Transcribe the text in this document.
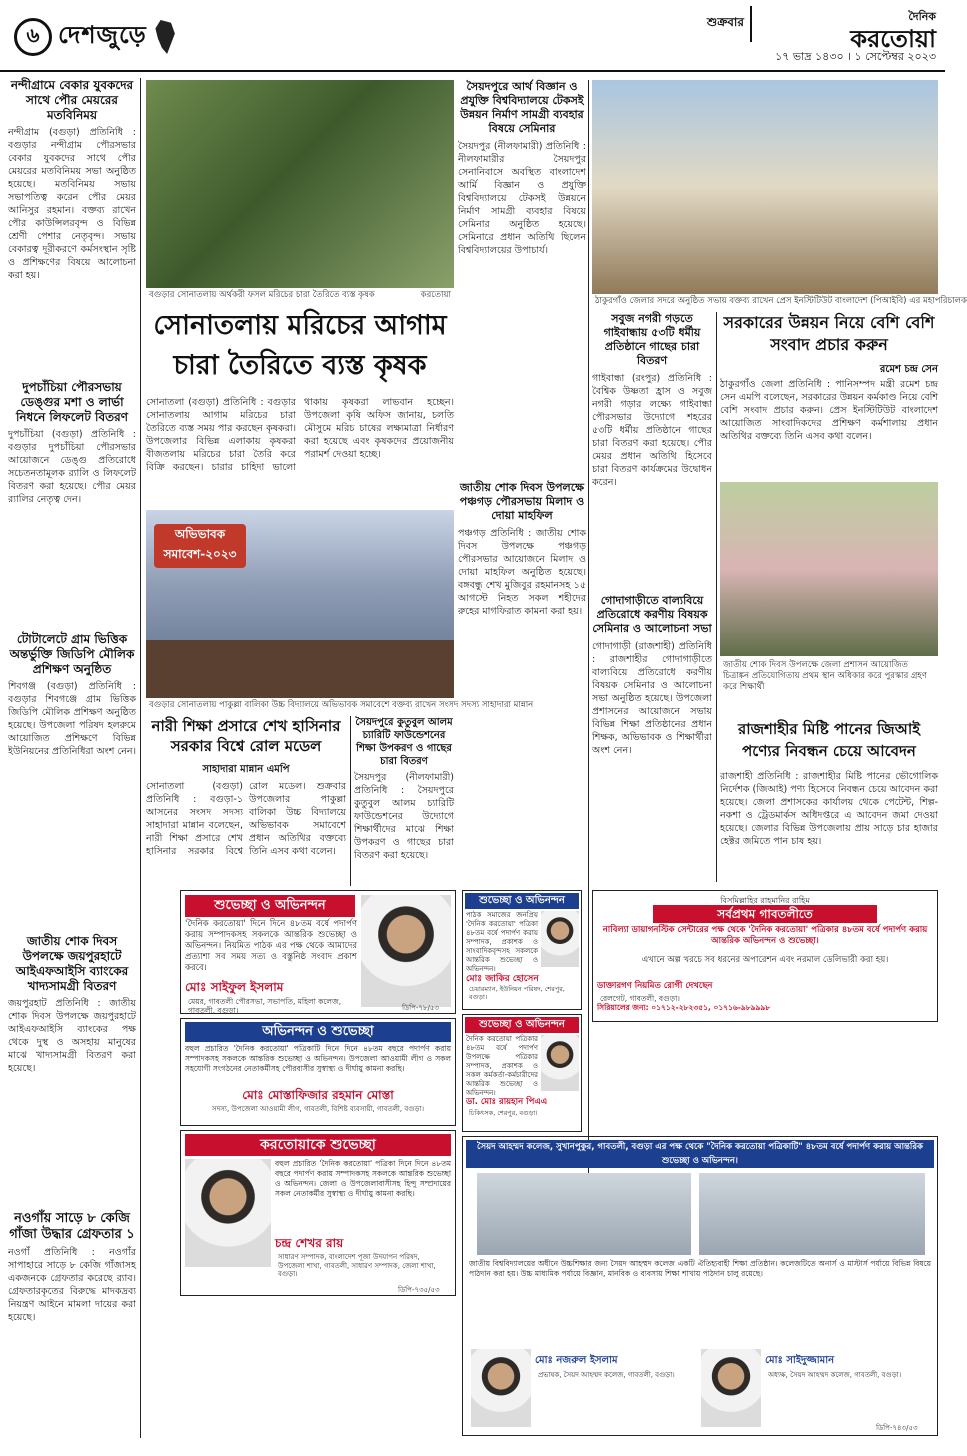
৬ দেশজুড়ে	শুক্রবার	দৈনিক
করতোয়া
১৭ ভাদ্র ১৪৩০ । ১ সেপ্টেম্বর ২০২৩
নন্দীগ্রামে বেকার যুবকদের সাথে পৌর মেয়রের মতবিনিময়
নন্দীগ্রাম (বগুড়া) প্রতিনিধি : বগুড়ার নন্দীগ্রাম পৌরসভার বেকার যুবকদের সাথে পৌর মেয়রের মতবিনিময় সভা অনুষ্ঠিত হয়েছে। মতবিনিময় সভায় সভাপতিত্ব করেন পৌর মেয়র আনিসুর রহমান। বক্তব্য রাখেন পৌর কাউন্সিলরবৃন্দ ও বিভিন্ন শ্রেণী পেশার নেতৃবৃন্দ। সভায় বেকারত্ব দূরীকরণে কর্মসংস্থান সৃষ্টি ও প্রশিক্ষণের বিষয়ে আলোচনা করা হয়।
দুপচাঁচিয়া পৌরসভায় ডেঙ্গুর মশা ও লার্ভা নিধনে লিফলেট বিতরণ
দুপচাঁচিয়া (বগুড়া) প্রতিনিধি : বগুড়ার দুপচাঁচিয়া পৌরসভার আয়োজনে ডেঙ্গু প্রতিরোধে সচেতনতামূলক র‌্যালি ও লিফলেট বিতরণ করা হয়েছে। পৌর মেয়র র‌্যালির নেতৃত্ব দেন।
টোটালেটে গ্রাম ভিত্তিক অন্তর্ভুক্তি জিডিপি মৌলিক প্রশিক্ষণ অনুষ্ঠিত
শিবগঞ্জ (বগুড়া) প্রতিনিধি : বগুড়ার শিবগঞ্জে গ্রাম ভিত্তিক জিডিপি মৌলিক প্রশিক্ষণ অনুষ্ঠিত হয়েছে। উপজেলা পরিষদ হলরুমে আয়োজিত প্রশিক্ষণে বিভিন্ন ইউনিয়নের প্রতিনিধিরা অংশ নেন।
জাতীয় শোক দিবস উপলক্ষে জয়পুরহাটে আইএফআইসি ব্যাংকের খাদ্যসামগ্রী বিতরণ
জয়পুরহাট প্রতিনিধি : জাতীয় শোক দিবস উপলক্ষে জয়পুরহাটে আইএফআইসি ব্যাংকের পক্ষ থেকে দুস্থ ও অসহায় মানুষের মাঝে খাদ্যসামগ্রী বিতরণ করা হয়েছে।
নওগাঁয় সাড়ে ৮ কেজি গাঁজা উদ্ধার গ্রেফতার ১
নওগাঁ প্রতিনিধি : নওগাঁর সাপাহারে সাড়ে ৮ কেজি গাঁজাসহ একজনকে গ্রেফতার করেছে র‌্যাব। গ্রেফতারকৃতের বিরুদ্ধে মাদকদ্রব্য নিয়ন্ত্রণ আইনে মামলা দায়ের করা হয়েছে।
বগুড়ার সোনাতলায় অর্থকরী ফসল মরিচের চারা তৈরিতে ব্যস্ত কৃষক	করতোয়া
সৈয়দপুরে আর্থ বিজ্ঞান ও প্রযুক্তি বিশ্ববিদ্যালয়ে টেকসই উন্নয়ন নির্মাণ সামগ্রী ব্যবহার বিষয়ে সেমিনার
সৈয়দপুর (নীলফামারী) প্রতিনিধি : নীলফামারীর সৈয়দপুর সেনানিবাসে অবস্থিত বাংলাদেশ আর্মি বিজ্ঞান ও প্রযুক্তি বিশ্ববিদ্যালয়ে টেকসই উন্নয়নে নির্মাণ সামগ্রী ব্যবহার বিষয়ে সেমিনার অনুষ্ঠিত হয়েছে। সেমিনারে প্রধান অতিথি ছিলেন বিশ্ববিদ্যালয়ের উপাচার্য।
জাতীয় শোক দিবস উপলক্ষে পঞ্চগড় পৌরসভায় মিলাদ ও দোয়া মাহফিল
পঞ্চগড় প্রতিনিধি : জাতীয় শোক দিবস উপলক্ষে পঞ্চগড় পৌরসভার আয়োজনে মিলাদ ও দোয়া মাহফিল অনুষ্ঠিত হয়েছে। বঙ্গবন্ধু শেখ মুজিবুর রহমানসহ ১৫ আগস্টে নিহত সকল শহীদের রুহের মাগফিরাত কামনা করা হয়।
সোনাতলায় মরিচের আগাম চারা তৈরিতে ব্যস্ত কৃষক
সোনাতলা (বগুড়া) প্রতিনিধি : বগুড়ার সোনাতলায় আগাম মরিচের চারা তৈরিতে ব্যস্ত সময় পার করছেন কৃষকরা। উপজেলার বিভিন্ন এলাকায় কৃষকরা বীজতলায় মরিচের চারা তৈরি করে বিক্রি করছেন। চারার চাহিদা ভালো থাকায় কৃষকরা লাভবান হচ্ছেন। উপজেলা কৃষি অফিস জানায়, চলতি মৌসুমে মরিচ চাষের লক্ষ্যমাত্রা নির্ধারণ করা হয়েছে এবং কৃষকদের প্রয়োজনীয় পরামর্শ দেওয়া হচ্ছে।
অভিভাবক সমাবেশ-২০২৩
বগুড়ার সোনাতলায় পাকুল্লা বালিকা উচ্চ বিদ্যালয়ে অভিভাবক সমাবেশে বক্তব্য রাখেন সংসদ সদস্য সাহাদারা মান্নান
নারী শিক্ষা প্রসারে শেখ হাসিনার সরকার বিশ্বে রোল মডেল
সাহাদারা মান্নান এমপি
সোনাতলা (বগুড়া) প্রতিনিধি : বগুড়া-১ আসনের সংসদ সদস্য সাহাদারা মান্নান বলেছেন, নারী শিক্ষা প্রসারে শেখ হাসিনার সরকার বিশ্বে রোল মডেল। শুক্রবার উপজেলার পাকুল্লা বালিকা উচ্চ বিদ্যালয়ে অভিভাবক সমাবেশে প্রধান অতিথির বক্তব্যে তিনি এসব কথা বলেন।
সৈয়দপুরে কুতুবুল আলম চ্যারিটি ফাউন্ডেশনের শিক্ষা উপকরণ ও গাছের চারা বিতরণ
সৈয়দপুর (নীলফামারী) প্রতিনিধি : সৈয়দপুরে কুতুবুল আলম চ্যারিটি ফাউন্ডেশনের উদ্যোগে শিক্ষার্থীদের মাঝে শিক্ষা উপকরণ ও গাছের চারা বিতরণ করা হয়েছে।
ঠাকুরগাঁও জেলার সদরে অনুষ্ঠিত সভায় বক্তব্য রাখেন প্রেস ইনস্টিটিউট বাংলাদেশ (পিআইবি) এর মহাপরিচালক
সবুজ নগরী গড়তে গাইবান্ধায় ৫৩টি ধর্মীয় প্রতিষ্ঠানে গাছের চারা বিতরণ
গাইবান্ধা (রংপুর) প্রতিনিধি : বৈশ্বিক উষ্ণতা হ্রাস ও সবুজ নগরী গড়ার লক্ষ্যে গাইবান্ধা পৌরসভার উদ্যোগে শহরের ৫৩টি ধর্মীয় প্রতিষ্ঠানে গাছের চারা বিতরণ করা হয়েছে। পৌর মেয়র প্রধান অতিথি হিসেবে চারা বিতরণ কার্যক্রমের উদ্বোধন করেন।
গোদাগাড়ীতে বাল্যবিয়ে প্রতিরোধে করণীয় বিষয়ক সেমিনার ও আলোচনা সভা
গোদাগাড়ী (রাজশাহী) প্রতিনিধি : রাজশাহীর গোদাগাড়ীতে বাল্যবিয়ে প্রতিরোধে করণীয় বিষয়ক সেমিনার ও আলোচনা সভা অনুষ্ঠিত হয়েছে। উপজেলা প্রশাসনের আয়োজনে সভায় বিভিন্ন শিক্ষা প্রতিষ্ঠানের প্রধান শিক্ষক, অভিভাবক ও শিক্ষার্থীরা অংশ নেন।
সরকারের উন্নয়ন নিয়ে বেশি বেশি সংবাদ প্রচার করুন
রমেশ চন্দ্র সেন
ঠাকুরগাঁও জেলা প্রতিনিধি : পানিসম্পদ মন্ত্রী রমেশ চন্দ্র সেন এমপি বলেছেন, সরকারের উন্নয়ন কর্মকাণ্ড নিয়ে বেশি বেশি সংবাদ প্রচার করুন। প্রেস ইনস্টিটিউট বাংলাদেশ আয়োজিত সাংবাদিকদের প্রশিক্ষণ কর্মশালায় প্রধান অতিথির বক্তব্যে তিনি এসব কথা বলেন।
জাতীয় শোক দিবস উপলক্ষে জেলা প্রশাসন আয়োজিত চিত্রাঙ্কন প্রতিযোগিতায় প্রথম স্থান অধিকার করে পুরস্কার গ্রহণ করে শিক্ষার্থী
রাজশাহীর মিষ্টি পানের জিআই পণ্যের নিবন্ধন চেয়ে আবেদন
রাজশাহী প্রতিনিধি : রাজশাহীর মিষ্টি পানের ভৌগোলিক নির্দেশক (জিআই) পণ্য হিসেবে নিবন্ধন চেয়ে আবেদন করা হয়েছে। জেলা প্রশাসকের কার্যালয় থেকে পেটেন্ট, শিল্প-নকশা ও ট্রেডমার্কস অধিদপ্তরে এ আবেদন জমা দেওয়া হয়েছে। জেলার বিভিন্ন উপজেলায় প্রায় সাড়ে চার হাজার হেক্টর জমিতে পান চাষ হয়।
শুভেচ্ছা ও অভিনন্দন
'দৈনিক করতোয়া' দিনে দিনে ৪৮তম বর্ষে পদার্পণ করায় সম্পাদকসহ সকলকে আন্তরিক শুভেচ্ছা ও অভিনন্দন। নিয়মিত পাঠক এর পক্ষ থেকে আমাদের প্রত্যাশা সব সময় সত্য ও বস্তুনিষ্ঠ সংবাদ প্রকাশ করবে।
মোঃ সাইফুল ইসলাম
মেয়র, গাবতলী পৌরসভা, সভাপতি, মহিলা কলেজ, গাবতলী, বগুড়া।	ডিপি-৭৮/৫৩
শুভেচ্ছা ও অভিনন্দন
পাঠক সমাজের জনপ্রিয় 'দৈনিক করতোয়া' পত্রিকা ৪৮তম বর্ষে পদার্পণ করায় সম্পাদক, প্রকাশক ও সাংবাদিকবৃন্দসহ সকলকে আন্তরিক শুভেচ্ছা ও অভিনন্দন।
মোঃ জাকির হোসেন
চেয়ারম্যান, ইউনিয়ন পরিষদ, শেরপুর, বগুড়া।
শুভেচ্ছা ও অভিনন্দন
দৈনিক করতোয়া পত্রিকার ৪৮তম বর্ষে পদার্পণ উপলক্ষে পত্রিকার সম্পাদক, প্রকাশক ও সকল কর্মকর্তা-কর্মচারীদের আন্তরিক শুভেচ্ছা ও অভিনন্দন।
ডা. মোঃ রায়হান পিএএ
চিকিৎসক, শেরপুর, বগুড়া।
অভিনন্দন ও শুভেচ্ছা
বহুল প্রচারিত 'দৈনিক করতোয়া' পত্রিকাটি দিনে দিনে ৪৮তম বছরে পদার্পণ করায় সম্পাদকসহ সকলকে আন্তরিক শুভেচ্ছা ও অভিনন্দন। উপজেলা আওয়ামী লীগ ও সকল সহযোগী সংগঠনের নেতাকর্মীসহ পৌরবাসীর সুস্বাস্থ্য ও দীর্ঘায়ু কামনা করছি।
মোঃ মোস্তাফিজার রহমান মোস্তা
সদস্য, উপজেলা আওয়ামী লীগ, গাবতলী, বিশিষ্ট ব্যবসায়ী, গাবতলী, বগুড়া।
করতোয়াকে শুভেচ্ছা
বহুল প্রচারিত 'দৈনিক করতোয়া' পত্রিকা দিনে দিনে ৪৮তম বছরে পদার্পণ করায় সম্পাদকসহ সকলকে আন্তরিক শুভেচ্ছা ও অভিনন্দন। জেলা ও উপজেলাবাসীসহ হিন্দু সম্প্রদায়ের সকল নেতাকর্মীর সুস্বাস্থ্য ও দীর্ঘায়ু কামনা করছি।
চন্দ্র শেখর রায়
সাধারণ সম্পাদক, বাংলাদেশ পূজা উদযাপন পরিষদ, উপজেলা শাখা, গাবতলী, সাধারণ সম্পাদক, জেলা শাখা, বগুড়া।
ডিপি-৭৩৫/৫৩
বিসমিল্লাহির রাহমানির রাহিম
সর্বপ্রথম গাবতলীতে
নাবিল্যা ডায়াগনস্টিক সেন্টারের পক্ষ থেকে 'দৈনিক করতোয়া' পত্রিকার ৪৮তম বর্ষে পদার্পণ করায় আন্তরিক অভিনন্দন ও শুভেচ্ছা।
এখানে অল্প খরচে সব ধরনের অপারেশন এবং নরমাল ডেলিভারী করা হয়।
ডাক্তারগণ নিয়মিত রোগী দেখছেন
রেলগেট, গাবতলী, বগুড়া।
সিরিয়ালের জন্য: ০১৭১২-২৮২৩৫১, ০১৭১৬-৯৮৯৯৯৮
সৈয়দ আহম্মদ কলেজ, সুখানপুকুর, গাবতলী, বগুড়া এর পক্ষ থেকে "দৈনিক করতোয়া পত্রিকাটি" ৪৮তম বর্ষে পদার্পণ করায় আন্তরিক শুভেচ্ছা ও অভিনন্দন।
জাতীয় বিশ্ববিদ্যালয়ের অধীনে উচ্চশিক্ষার জন্য সৈয়দ আহম্মদ কলেজ একটি ঐতিহ্যবাহী শিক্ষা প্রতিষ্ঠান। কলেজটিতে অনার্স ও মাস্টার্স পর্যায়ে বিভিন্ন বিষয়ে পাঠদান করা হয়। উচ্চ মাধ্যমিক পর্যায়ে বিজ্ঞান, মানবিক ও ব্যবসায় শিক্ষা শাখায় পাঠদান চালু রয়েছে।
মোঃ নজরুল ইসলাম
প্রভাষক, সৈয়দ আহম্মদ কলেজ, গাবতলী, বগুড়া।
মোঃ সাইদুজ্জামান
অধ্যক্ষ, সৈয়দ আহম্মদ কলেজ, গাবতলী, বগুড়া।
ডিপি-৭৪৩/৫৩
